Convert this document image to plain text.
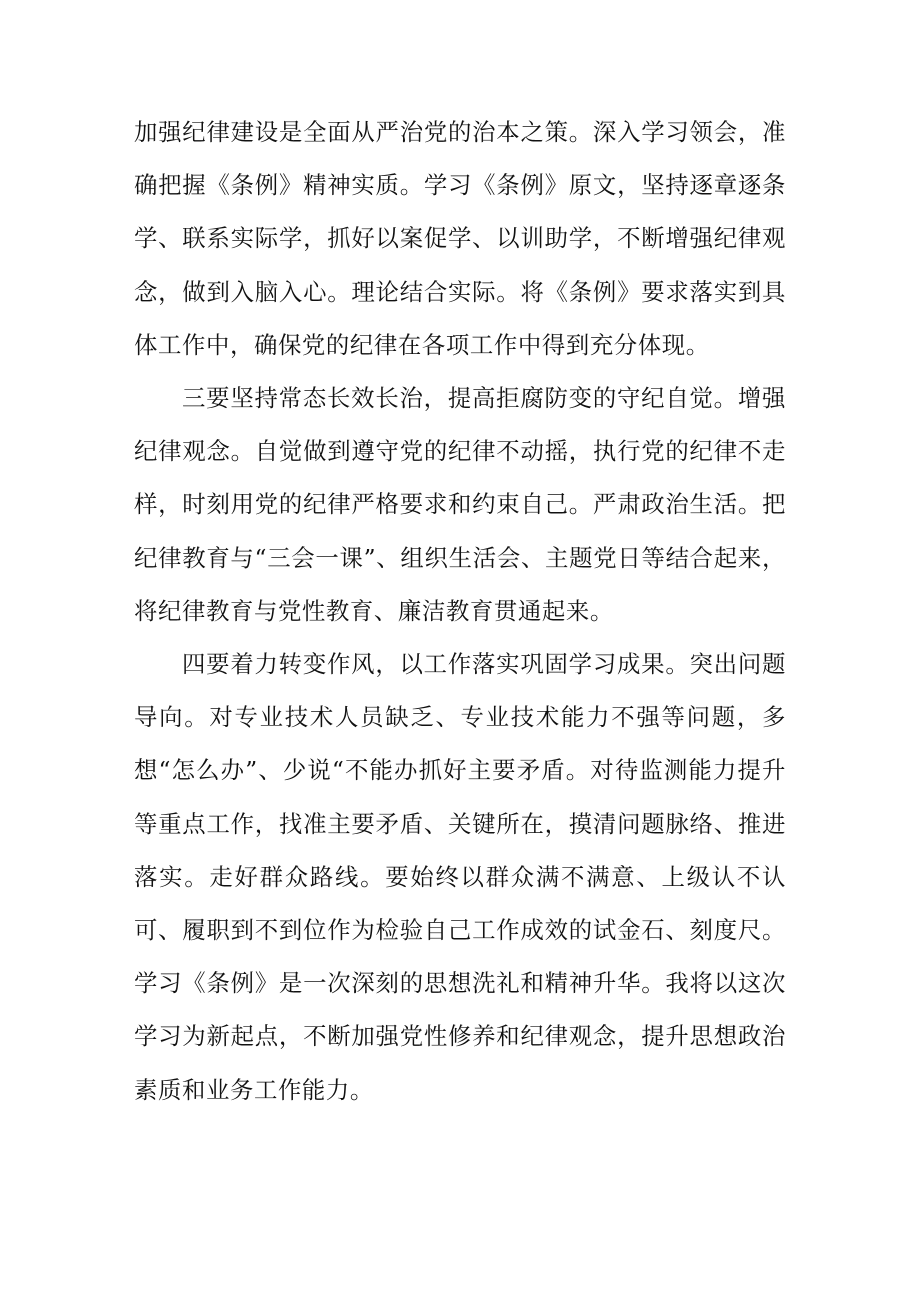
加强纪律建设是全面从严治党的治本之策。深入学习领会，准确把握《条例》精神实质。学习《条例》原文，坚持逐章逐条学、联系实际学，抓好以案促学、以训助学，不断增强纪律观念，做到入脑入心。理论结合实际。将《条例》要求落实到具体工作中，确保党的纪律在各项工作中得到充分体现。

三要坚持常态长效长治，提高拒腐防变的守纪自觉。增强纪律观念。自觉做到遵守党的纪律不动摇，执行党的纪律不走样，时刻用党的纪律严格要求和约束自己。严肃政治生活。把纪律教育与“三会一课”、组织生活会、主题党日等结合起来，将纪律教育与党性教育、廉洁教育贯通起来。

四要着力转变作风，以工作落实巩固学习成果。突出问题导向。对专业技术人员缺乏、专业技术能力不强等问题，多想“怎么办”、少说“不能办抓好主要矛盾。对待监测能力提升等重点工作，找准主要矛盾、关键所在，摸清问题脉络、推进落实。走好群众路线。要始终以群众满不满意、上级认不认可、履职到不到位作为检验自己工作成效的试金石、刻度尺。学习《条例》是一次深刻的思想洗礼和精神升华。我将以这次学习为新起点，不断加强党性修养和纪律观念，提升思想政治素质和业务工作能力。
